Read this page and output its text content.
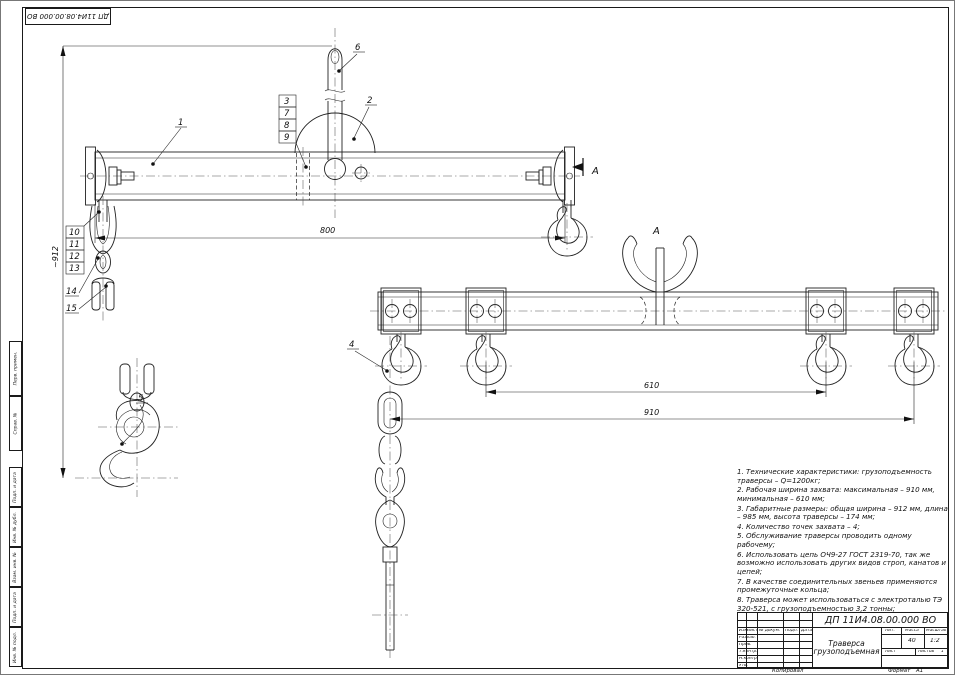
ДП 11И4.08.00.000 ВО
Перв. примен.
Справ. №
Подп. и дата
Инв. № дубл.
Взам. инв. №
Подп. и дата
Инв. № подл.
1. Технические характеристики: грузоподъемность траверсы – Q=1200кг;
2. Рабочая ширина захвата: максимальная – 910 мм, минимальная – 610 мм;
3. Габаритные размеры: общая ширина – 912 мм, длина – 985 мм, высота траверсы – 174 мм;
4. Количество точек захвата – 4;
5. Обслуживание траверсы проводить одному рабочему;
6. Использовать цепь ОЧ9-27 ГОСТ 2319-70, так же возможно использовать других видов строп, канатов и цепей;
7. В качестве соединительных звеньев применяются промежуточные кольца;
8. Траверса может использоваться с электроталью ТЭ 320-521, с грузоподъемностью 3,2 тонны;
Изм.
Лист № докум. Подп. Дата
Разраб.
Пров.
Т.контр.
Н.контр.
Утв.
ДП 11И4.08.00.000 ВО
Траверса грузоподъемная
Лит. Масса Масштаб
40 1:2
Лист	Листов 1
Копировал	Формат А1
А
А
800
~912
610
910
1
6
2
3
7
8
9
10
11
12
13
14
15
5
4
